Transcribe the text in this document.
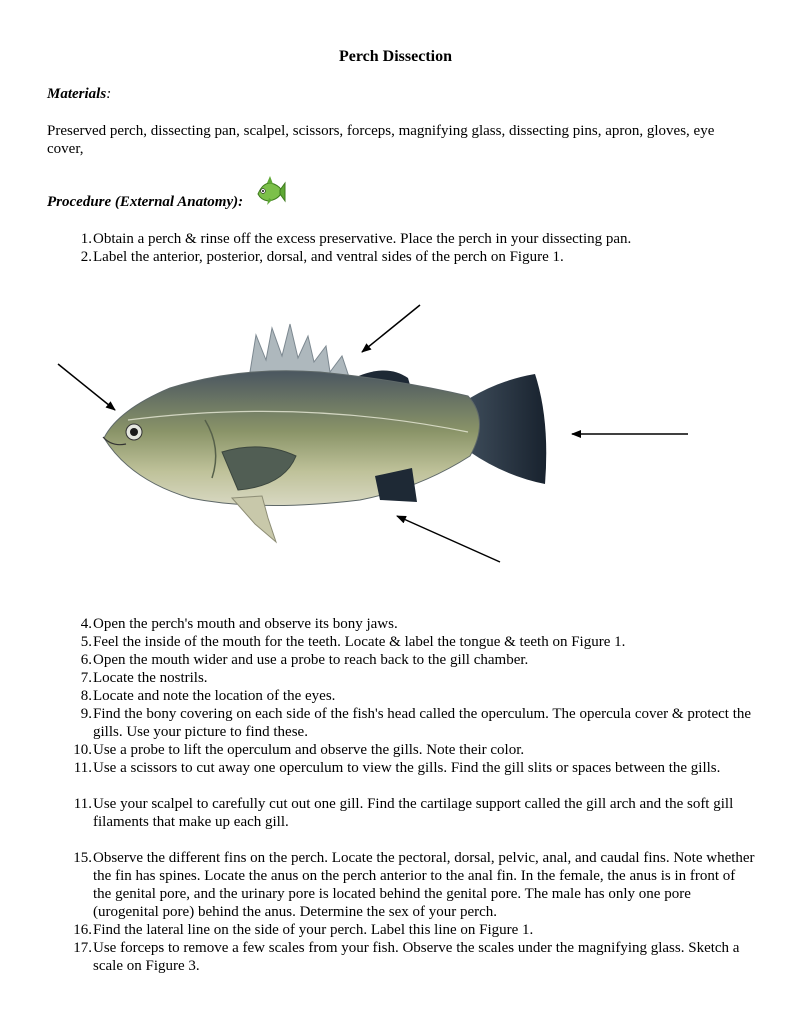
Perch Dissection
Materials:
Preserved perch, dissecting pan, scalpel, scissors, forceps, magnifying glass, dissecting pins, apron, gloves, eye cover,
Procedure (External Anatomy):
1. Obtain a perch & rinse off the excess preservative. Place the perch in your dissecting pan.
2. Label the anterior, posterior, dorsal, and ventral sides of the perch on Figure 1.
4. Open the perch's mouth and observe its bony jaws.
5. Feel the inside of the mouth for the teeth. Locate & label the tongue & teeth on Figure 1.
6. Open the mouth wider and use a probe to reach back to the gill chamber.
7. Locate the nostrils.
8. Locate and note the location of the eyes.
9. Find the bony covering on each side of the fish's head called the operculum. The opercula cover & protect the gills. Use your picture to find these.
10. Use a probe to lift the operculum and observe the gills. Note their color.
11. Use a scissors to cut away one operculum to view the gills. Find the gill slits or spaces between the gills.
11. Use your scalpel to carefully cut out one gill. Find the cartilage support called the gill arch and the soft gill filaments that make up each gill.
15. Observe the different fins on the perch. Locate the pectoral, dorsal, pelvic, anal, and caudal fins. Note whether the fin has spines. Locate the anus on the perch anterior to the anal fin. In the female, the anus is in front of the genital pore, and the urinary pore is located behind the genital pore. The male has only one pore (urogenital pore) behind the anus. Determine the sex of your perch.
16. Find the lateral line on the side of your perch. Label this line on Figure 1.
17. Use forceps to remove a few scales from your fish. Observe the scales under the magnifying glass. Sketch a scale on Figure 3.
